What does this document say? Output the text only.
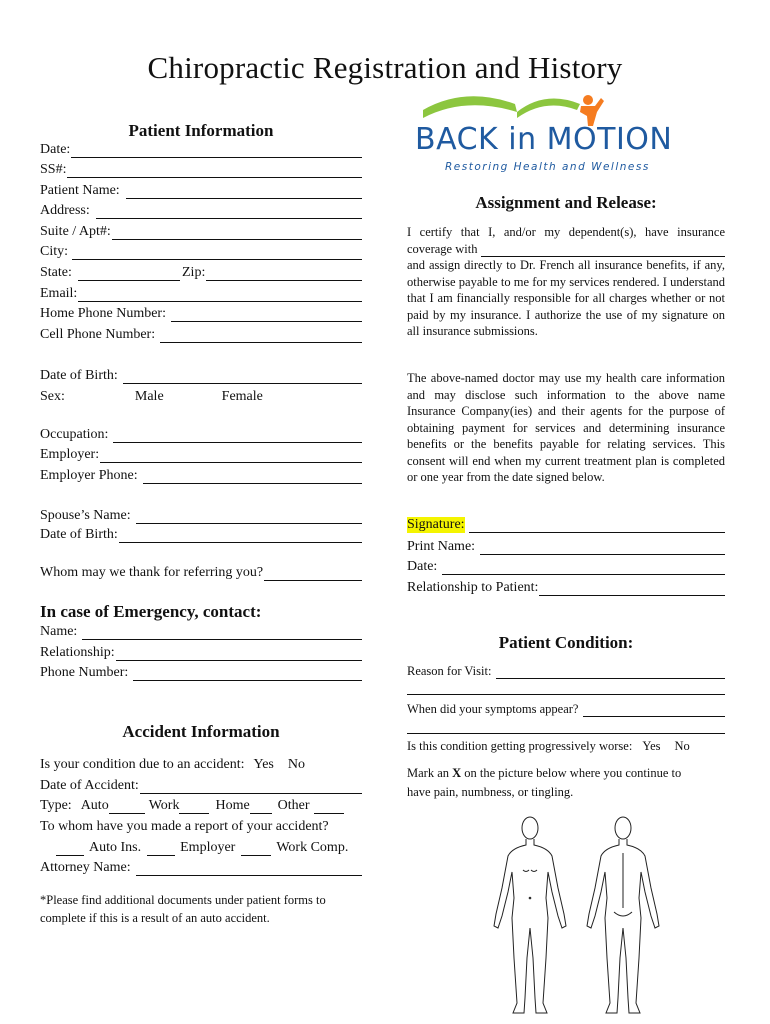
Chiropractic Registration and History
BACK in MOTION
Restoring Health and Wellness
Patient Information
Date:
SS#:
Patient Name:
Address:
Suite / Apt#:
City:
State:	Zip:
Email:
Home Phone Number:
Cell Phone Number:
Date of Birth:
Sex:	Male	Female
Occupation:
Employer:
Employer Phone:
Spouse’s Name:
Date of Birth:
Whom may we thank for referring you?
In case of Emergency, contact:
Name:
Relationship:
Phone Number:
Accident Information
Is your condition due to an accident: Yes No
Date of Accident:
Type: Auto	Work	Home Other
To whom have you made a report of your accident?
Auto Ins.	Employer	Work Comp.
Attorney Name:
*Please find additional documents under patient forms to
complete if this is a result of an auto accident.
Assignment and Release:
I certify that I, and/or my dependent(s), have insurance
coverage with
and assign directly to Dr. French all insurance benefits, if any, otherwise payable to me for my services rendered. I understand that I am financially responsible for all charges whether or not paid by my insurance. I authorize the use of my signature on all insurance submissions.
The above-named doctor may use my health care information and may disclose such information to the above name Insurance Company(ies) and their agents for the purpose of obtaining payment for services and determining insurance benefits or the benefits payable for relating services. This consent will end when my current treatment plan is completed or one year from the date signed below.
Signature:
Print Name:
Date:
Relationship to Patient:
Patient Condition:
Reason for Visit:
When did your symptoms appear?
Is this condition getting progressively worse: Yes No
Mark an X on the picture below where you continue to
have pain, numbness, or tingling.
